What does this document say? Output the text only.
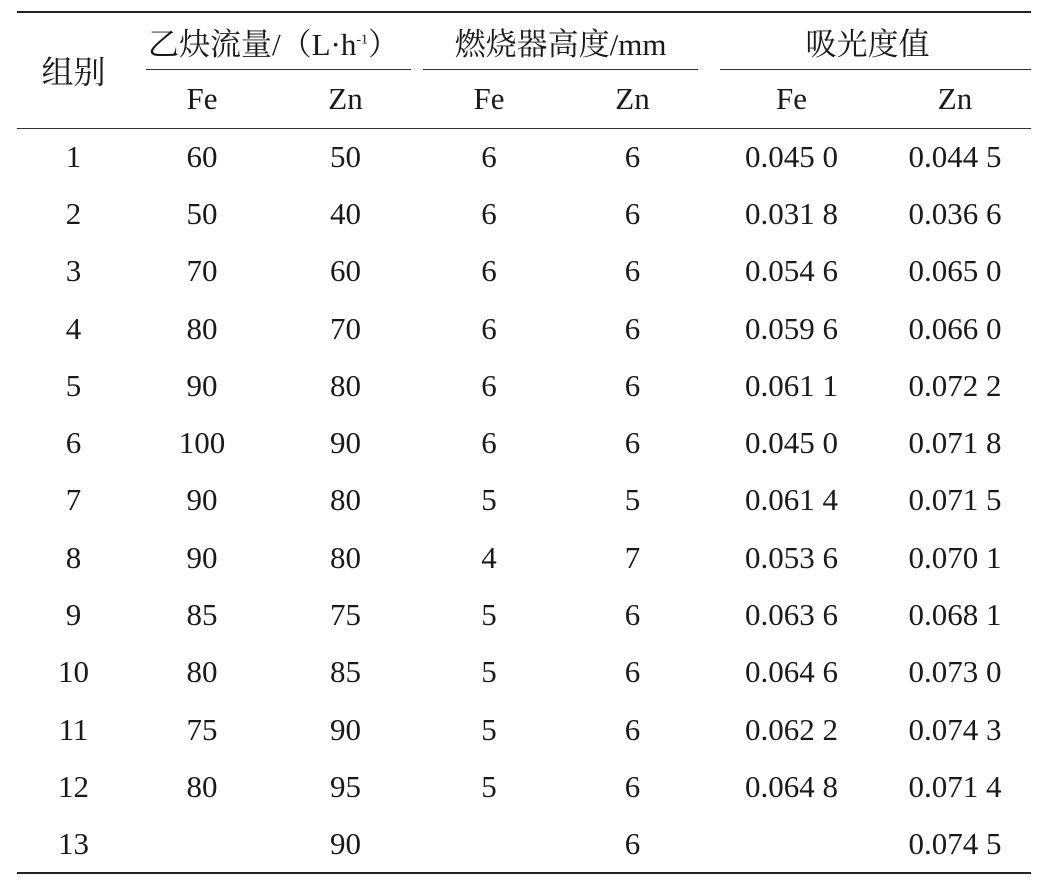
组别	乙炔流量$/(L\cdot h^{-1})$		燃烧器高度/mm		吸光度值	

	Fe	Zn	Fe	Zn	Fe	Zn
1	60	50	6	6	0.045 0	0.044 5
2	50	40	6	6	0.031 8	0.036 6
3	70	60	6	6	0.054 6	0.065 0
4	80	70	6	6	0.059 6	0.066 0
5	90	80	6	6	0.061 1	0.072 2
6	100	90	6	6	0.045 0	0.071 8
7	90	80	5	5	0.061 4	0.071 5
8	90	80	4	7	0.053 6	0.070 1
9	85	75	5	6	0.063 6	0.068 1
10	80	85	5	6	0.064 6	0.073 0
11	75	90	5	6	0.062 2	0.074 3
12	80	95	5	6	0.064 8	0.071 4
13		90		6		0.074 5
